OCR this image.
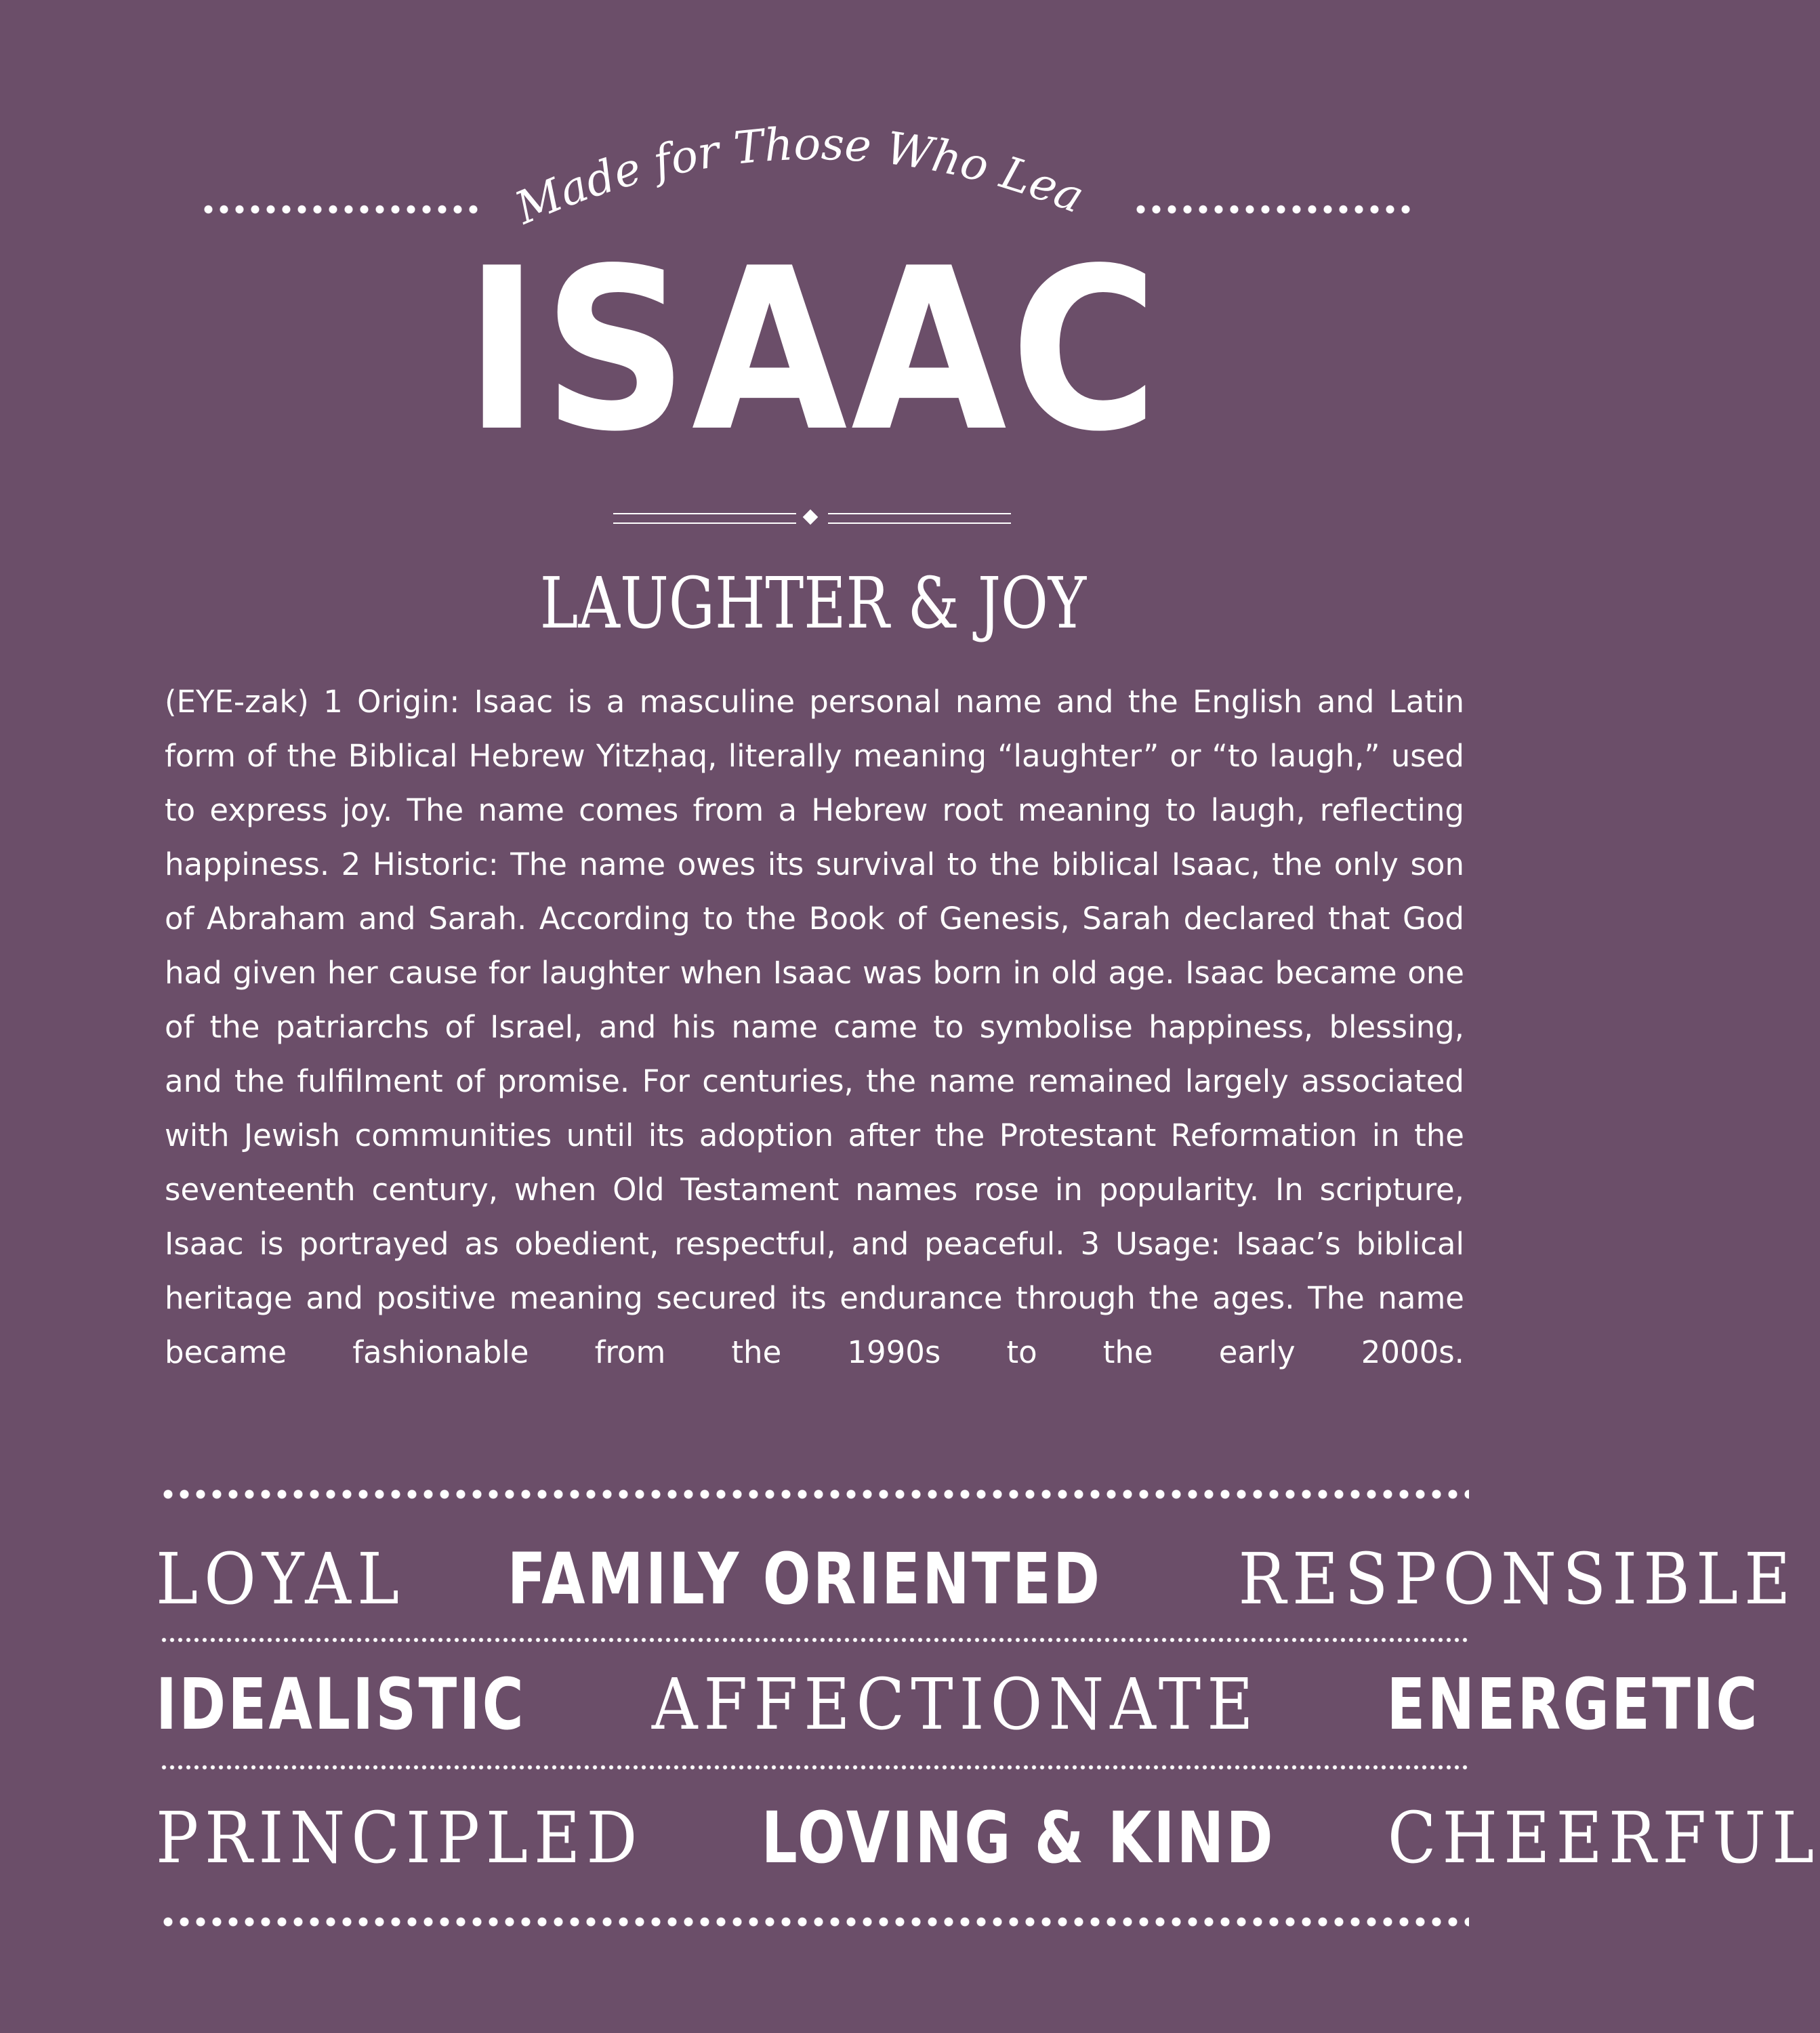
Made for Those Who Lead
ISAAC
LAUGHTER & JOY
(EYE-zak) 1 Origin: Isaac is a masculine personal name and the English and Latin form of the Biblical Hebrew Yitzḥaq, literally meaning “laughter” or “to laugh,” used to express joy. The name comes from a Hebrew root meaning to laugh, reflecting happiness. 2 Historic: The name owes its survival to the biblical Isaac, the only son of Abraham and Sarah. According to the Book of Genesis, Sarah declared that God had given her cause for laughter when Isaac was born in old age. Isaac became one of the patriarchs of Israel, and his name came to symbolise happiness, blessing, and the fulfilment of promise. For centuries, the name remained largely associated with Jewish communities until its adoption after the Protestant Reformation in the seventeenth century, when Old Testament names rose in popularity. In scripture, Isaac is portrayed as obedient, respectful, and peaceful. 3 Usage: Isaac’s biblical heritage and positive meaning secured its endurance through the ages. The name became fashionable from the 1990s to the early 2000s.
LOYAL FAMILY ORIENTED RESPONSIBLE
IDEALISTIC AFFECTIONATE ENERGETIC
PRINCIPLED LOVING & KIND CHEERFUL
